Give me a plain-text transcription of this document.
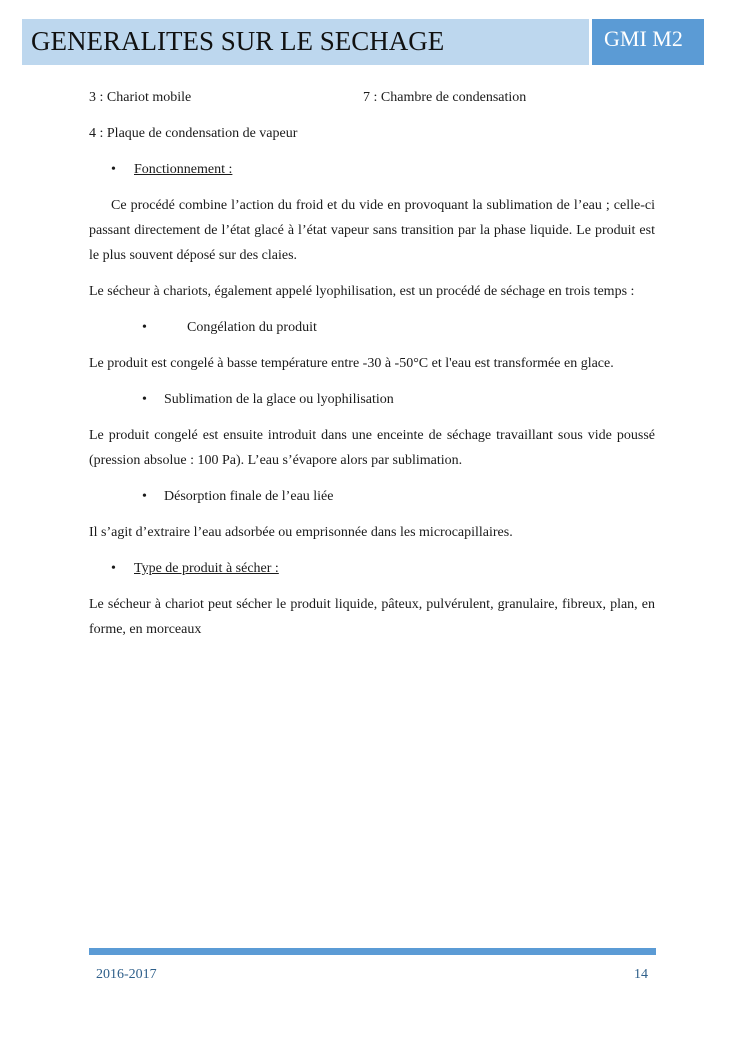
GENERALITES SUR LE SECHAGE	GMI M2
3 : Chariot mobile	7 : Chambre de condensation

4 : Plaque de condensation de vapeur

• Fonctionnement :

Ce procédé combine l’action du froid et du vide en provoquant la sublimation de l’eau ; celle-ci passant directement de l’état glacé à l’état vapeur sans transition par la phase liquide. Le produit est le plus souvent déposé sur des claies.

Le sécheur à chariots, également appelé lyophilisation, est un procédé de séchage en trois temps :

•	Congélation du produit

Le produit est congelé à basse température entre -30 à -50°C et l'eau est transformée en glace.

• Sublimation de la glace ou lyophilisation

Le produit congelé est ensuite introduit dans une enceinte de séchage travaillant sous vide poussé (pression absolue : 100 Pa). L’eau s’évapore alors par sublimation.

• Désorption finale de l’eau liée

Il s’agit d’extraire l’eau adsorbée ou emprisonnée dans les microcapillaires.

• Type de produit à sécher :

Le sécheur à chariot peut sécher le produit liquide, pâteux, pulvérulent, granulaire, fibreux, plan, en forme, en morceaux

2016-2017	14
